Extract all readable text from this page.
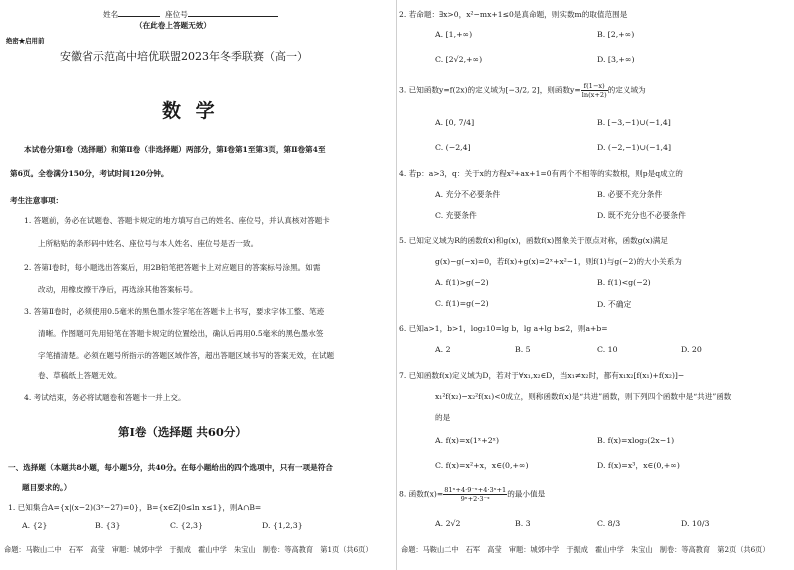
姓名	座位号
（在此卷上答题无效）
绝密★启用前
安徽省示范高中培优联盟2023年冬季联赛（高一）
数 学
本试卷分第Ⅰ卷（选择题）和第Ⅱ卷（非选择题）两部分，第Ⅰ卷第1至第3页，第Ⅱ卷第4至
第6页。全卷满分150分，考试时间120分钟。
考生注意事项：
1. 答题前，务必在试题卷、答题卡规定的地方填写自己的姓名、座位号，并认真核对答题卡
上所粘贴的条形码中姓名、座位号与本人姓名、座位号是否一致。
2. 答第Ⅰ卷时，每小题选出答案后，用2B铅笔把答题卡上对应题目的答案标号涂黑。如需
改动，用橡皮擦干净后，再选涂其他答案标号。
3. 答第Ⅱ卷时，必须使用0.5毫米的黑色墨水签字笔在答题卡上书写，要求字体工整、笔迹
清晰。作图题可先用铅笔在答题卡规定的位置绘出，确认后再用0.5毫米的黑色墨水签
字笔描清楚。必须在题号所指示的答题区域作答，超出答题区域书写的答案无效，在试题
卷、草稿纸上答题无效。
4. 考试结束，务必将试题卷和答题卡一并上交。
第Ⅰ卷（选择题 共60分）
一、选择题（本题共8小题，每小题5分，共40分。在每小题给出的四个选项中，只有一项是符合
题目要求的。）
1. 已知集合A={x|(x−2)(3ˣ−27)=0}，B={x∈Z|0≤ln x≤1}，则A∩B=
A. {2}	B. {3}	C. {2,3}	D. {1,2,3}
命题：马鞍山二中　石军　高莹　审题：城郊中学　于振成　霍山中学　朱宝山　制卷：等高教育　第1页（共6页）
2. 若命题：∃x>0，x²−mx+1≤0是真命题，则实数m的取值范围是
A. [1,+∞)	B. [2,+∞)
C. [2√2,+∞)	D. [3,+∞)
3. 已知函数y=f(2x)的定义域为[−3/2, 2]，则函数$y= \frac{f(1-x)}{\ln(x+2)}$ 的定义域为
A. [0, 7/4]	B. [−3,−1)∪(−1,4]
C. (−2,4]	D. (−2,−1)∪(−1,4]
4. 若p：a>3，q：关于x的方程x²+ax+1=0有两个不相等的实数根，则p是q成立的
A. 充分不必要条件	B. 必要不充分条件
C. 充要条件	D. 既不充分也不必要条件
5. 已知定义域为R的函数f(x)和g(x)，函数f(x)图象关于原点对称，函数g(x)满足
g(x)−g(−x)=0，若f(x)+g(x)=2ˣ+x²−1，则f(1)与g(−2)的大小关系为
A. f(1)>g(−2)	B. f(1)<g(−2)
C. f(1)=g(−2)	D. 不确定
6. 已知a>1，b>1，log₂10=lg b，lg a+lg b≤2，则a+b=
A. 2	B. 5	C. 10	D. 20
7. 已知函数f(x)定义域为D，若对于∀x₁,x₂∈D，当x₁≠x₂时，都有x₁x₂[f(x₁)+f(x₂)]−
x₁²f(x₂)−x₂²f(x₁)<0成立，则称函数f(x)是“共进”函数，则下列四个函数中是“共进”函数
的是
A. f(x)=x(1ˣ+2ˣ)	B. f(x)=xlog₂(2x−1)
C. f(x)=x²+x，x∈(0,+∞)	D. f(x)=x³，x∈(0,+∞)
8. 函数$f(x)= \frac{\text{81ˣ+4·9⁻ˣ+4·3ˣ+1}}{\text{9ˣ+2·3⁻ˣ}}$ 的最小值是
A. 2√2	B. 3	C. 8/3	D. 10/3
命题：马鞍山二中　石军　高莹　审题：城郊中学　于振成　霍山中学　朱宝山　制卷：等高教育　第2页（共6页）
